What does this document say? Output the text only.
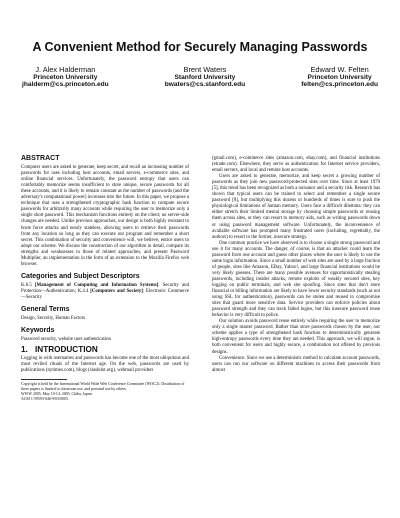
A Convenient Method for Securely Managing Passwords
J. Alex Halderman
Princeton University
jhalderm@cs.princeton.edu
Brent Waters
Stanford University
bwaters@cs.stanford.edu
Edward W. Felten
Princeton University
felten@cs.princeton.edu
ABSTRACT

Computer users are asked to generate, keep secret, and recall an increasing number of passwords for uses including host accounts, email servers, e-commerce sites, and online financial services. Unfortunately, the password entropy that users can comfortably memorize seems insufficient to store unique, secure passwords for all these accounts, and it is likely to remain constant as the number of passwords (and the adversary's computational power) increases into the future. In this paper, we propose a technique that uses a strengthened cryptographic hash function to compute secure passwords for arbitrarily many accounts while requiring the user to memorize only a single short password. This mechanism functions entirely on the client; no server-side changes are needed. Unlike previous approaches, our design is both highly resistant to brute force attacks and nearly stateless, allowing users to retrieve their passwords from any location so long as they can execute our program and remember a short secret. This combination of security and convenience will, we believe, entice users to adopt our scheme. We discuss the construction of our algorithm in detail, compare its strengths and weaknesses to those of related approaches, and present Password Multiplier, an implementation in the form of an extension to the Mozilla Firefox web browser.

Categories and Subject Descriptors

K.6.5 [Management of Computing and Information Systems]: Security and Protection—Authentication; K.4.4 [Computers and Society]: Electronic Commerce—Security

General Terms

Design, Security, Human Factors

Keywords

Password security, website user authentication

1. INTRODUCTION

Logging in with usernames and passwords has become one of the most ubiquitous and most reviled rituals of the Internet age. On the web, passwords are used by publications (nytimes.com), blogs (slashdot.org), webmail providers

Copyright is held by the International World Wide Web Conference Committee (IW3C2). Distribution of these papers is limited to classroom use, and personal use by others.
WWW 2005, May 10-14, 2005, Chiba, Japan.
ACM 1-59593-046-9/05/0005.

(gmail.com), e-commerce sites (amazon.com, ebay.com), and financial institutions (etrade.com). Elsewhere, they serve as authentication for Internet service providers, email servers, and local and remote host accounts.

Users are asked to generate, memorize, and keep secret a growing number of passwords as they join new password-protected sites over time. Since at least 1979 [5], this trend has been recognized as both a nuisance and a security risk. Research has shown that typical users can be trained to select and remember a single secure password [8], but multiplying this dozens or hundreds of times is sure to push the physiological limitations of human memory. Users face a difficult dilemma: they can either stretch their limited mental storage by choosing simple passwords or reusing them across sites, or they can resort to memory aids, such as writing passwords down or using password management software. Unfortunately, the inconvenience of available software has prompted many frustrated users (including, regrettably, the authors) to resort to the former, insecure strategy.

One common practice we have observed is to choose a single strong password and use it for many accounts. The danger, of course, is that an attacker could learn the password from one account and guess other places where the user is likely to use the same login information. Since a small number of web sites are used by a large fraction of people, sites like Amazon, EBay, Yahoo!, and large financial institutions would be very likely guesses. There are many possible avenues for opportunistically stealing passwords, including insider attacks, remote exploits of weakly secured sites, key logging on public terminals, and web site spoofing. Since sites that don't store financial or billing information are likely to have lower security standards (such as not using SSL for authentication), passwords can be stolen and reused to compromise sites that guard more sensitive data. Service providers can enforce policies about password strength and they can track failed logins, but this insecure password reuse behavior is very difficult to police.

Our solution avoids password reuse entirely while requiring the user to memorize only a single master password. Rather than store passwords chosen by the user, our scheme applies a type of strengthened hash function to deterministically generate high-entropy passwords every time they are needed. This approach, we will argue, is both convenient for users and highly secure, a combination not offered by previous designs.

Convenience. Since we use a deterministic method to calculate account passwords, users can run our software on different machines to access their passwords from almost
